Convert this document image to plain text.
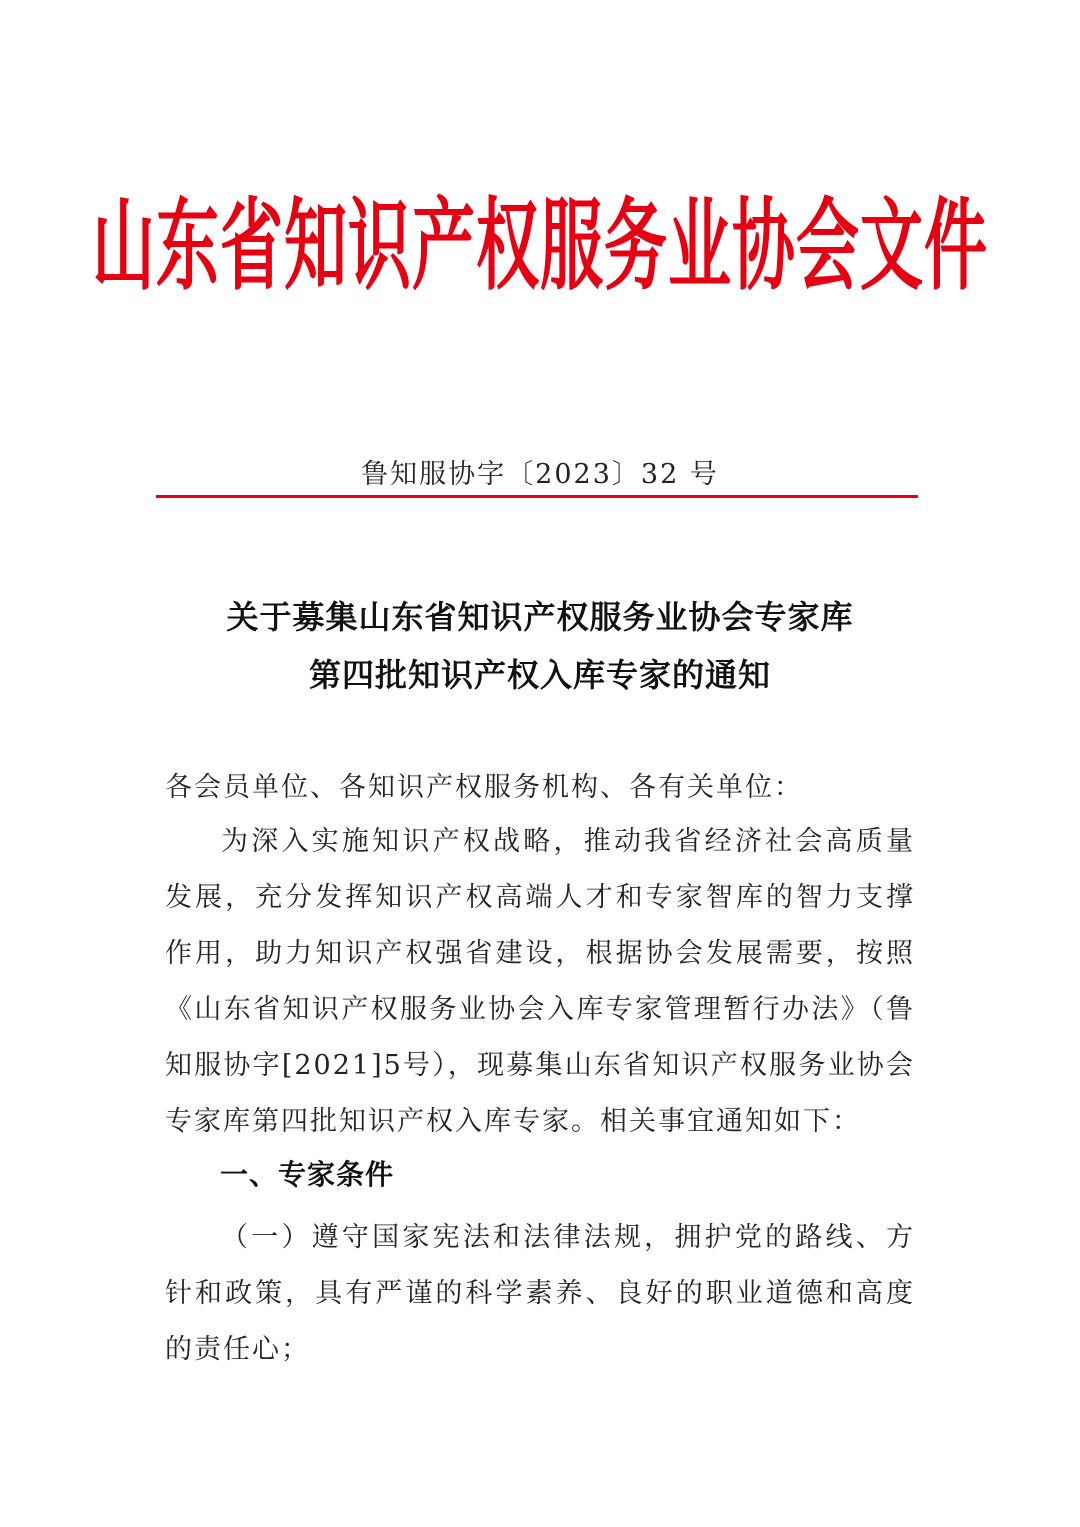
山东省知识产权服务业协会文件
鲁知服协字〔2023〕32 号
关于募集山东省知识产权服务业协会专家库
第四批知识产权入库专家的通知
各会员单位、各知识产权服务机构、各有关单位：
为深入实施知识产权战略，推动我省经济社会高质量发展，充分发挥知识产权高端人才和专家智库的智力支撑作用，助力知识产权强省建设，根据协会发展需要，按照《山东省知识产权服务业协会入库专家管理暂行办法》（鲁知服协字[2021]5号），现募集山东省知识产权服务业协会专家库第四批知识产权入库专家。相关事宜通知如下：
一、专家条件
（一）遵守国家宪法和法律法规，拥护党的路线、方针和政策，具有严谨的科学素养、良好的职业道德和高度的责任心；
